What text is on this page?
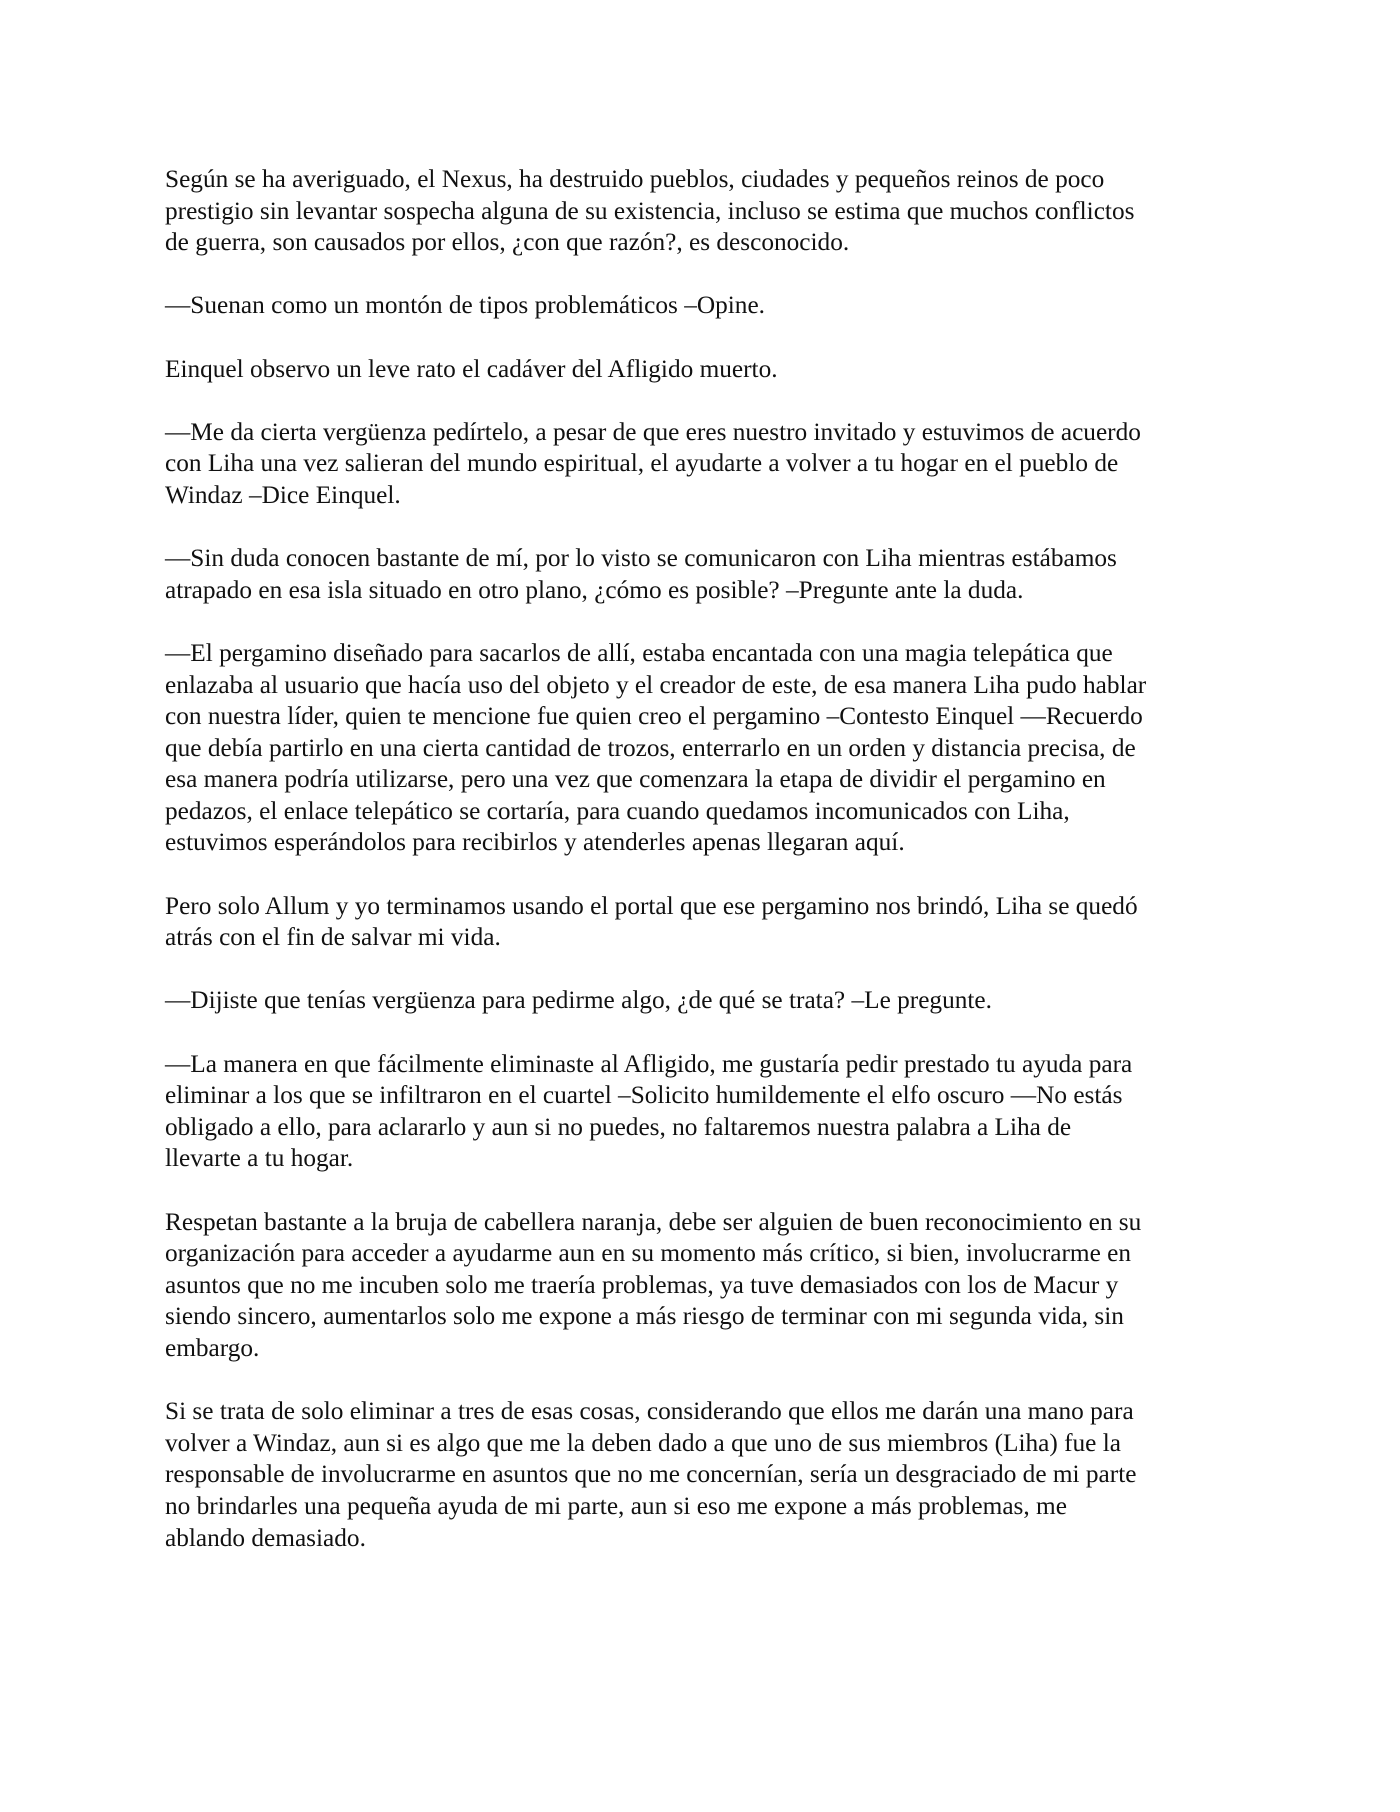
Según se ha averiguado, el Nexus, ha destruido pueblos, ciudades y pequeños reinos de poco
prestigio sin levantar sospecha alguna de su existencia, incluso se estima que muchos conflictos
de guerra, son causados por ellos, ¿con que razón?, es desconocido.

—Suenan como un montón de tipos problemáticos –Opine.

Einquel observo un leve rato el cadáver del Afligido muerto.

—Me da cierta vergüenza pedírtelo, a pesar de que eres nuestro invitado y estuvimos de acuerdo
con Liha una vez salieran del mundo espiritual, el ayudarte a volver a tu hogar en el pueblo de
Windaz –Dice Einquel.

—Sin duda conocen bastante de mí, por lo visto se comunicaron con Liha mientras estábamos
atrapado en esa isla situado en otro plano, ¿cómo es posible? –Pregunte ante la duda.

—El pergamino diseñado para sacarlos de allí, estaba encantada con una magia telepática que
enlazaba al usuario que hacía uso del objeto y el creador de este, de esa manera Liha pudo hablar
con nuestra líder, quien te mencione fue quien creo el pergamino –Contesto Einquel —Recuerdo
que debía partirlo en una cierta cantidad de trozos, enterrarlo en un orden y distancia precisa, de
esa manera podría utilizarse, pero una vez que comenzara la etapa de dividir el pergamino en
pedazos, el enlace telepático se cortaría, para cuando quedamos incomunicados con Liha,
estuvimos esperándolos para recibirlos y atenderles apenas llegaran aquí.

Pero solo Allum y yo terminamos usando el portal que ese pergamino nos brindó, Liha se quedó
atrás con el fin de salvar mi vida.

—Dijiste que tenías vergüenza para pedirme algo, ¿de qué se trata? –Le pregunte.

—La manera en que fácilmente eliminaste al Afligido, me gustaría pedir prestado tu ayuda para
eliminar a los que se infiltraron en el cuartel –Solicito humildemente el elfo oscuro —No estás
obligado a ello, para aclararlo y aun si no puedes, no faltaremos nuestra palabra a Liha de
llevarte a tu hogar.

Respetan bastante a la bruja de cabellera naranja, debe ser alguien de buen reconocimiento en su
organización para acceder a ayudarme aun en su momento más crítico, si bien, involucrarme en
asuntos que no me incuben solo me traería problemas, ya tuve demasiados con los de Macur y
siendo sincero, aumentarlos solo me expone a más riesgo de terminar con mi segunda vida, sin
embargo.

Si se trata de solo eliminar a tres de esas cosas, considerando que ellos me darán una mano para
volver a Windaz, aun si es algo que me la deben dado a que uno de sus miembros (Liha) fue la
responsable de involucrarme en asuntos que no me concernían, sería un desgraciado de mi parte
no brindarles una pequeña ayuda de mi parte, aun si eso me expone a más problemas, me
ablando demasiado.
